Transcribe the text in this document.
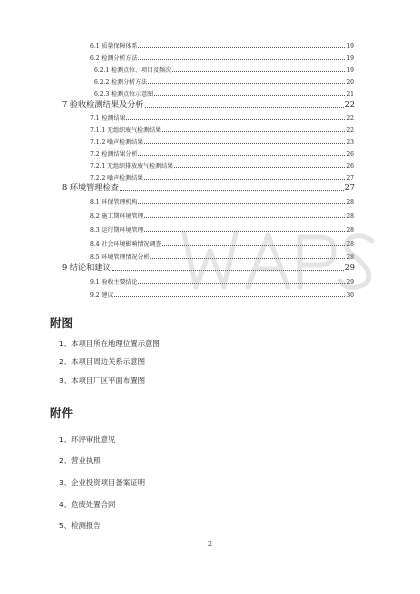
6.1 质量保障体系	19
6.2 检测分析方法	19
6.2.1 检测点位、项目及频次	19
6.2.2 检测分析方法	20
6.2.3 检测点位示意图	21
7 验收检测结果及分析	22
7.1 检测结果	22
7.1.1 无组织废气检测结果	22
7.1.2 噪声检测结果	23
7.2 检测结果分析	26
7.2.1 无组织排放废气检测结果	26
7.2.2 噪声检测结果	27
8 环境管理检查	27
8.1 环保管理机构	28
8.2 施工期环境管理	28
8.3 运行期环境管理	28
8.4 社会环境影响情况调查	28
8.5 环境管理情况分析	28
9 结论和建议	29
9.1 验收主要结论	29
9.2 建议	30
附图
1、本项目所在地理位置示意图
2、本项目周边关系示意图
3、本项目厂区平面布置图
附件
1、环评审批意见
2、营业执照
3、企业投资项目备案证明
4、危废处置合同
5、检测报告
2
